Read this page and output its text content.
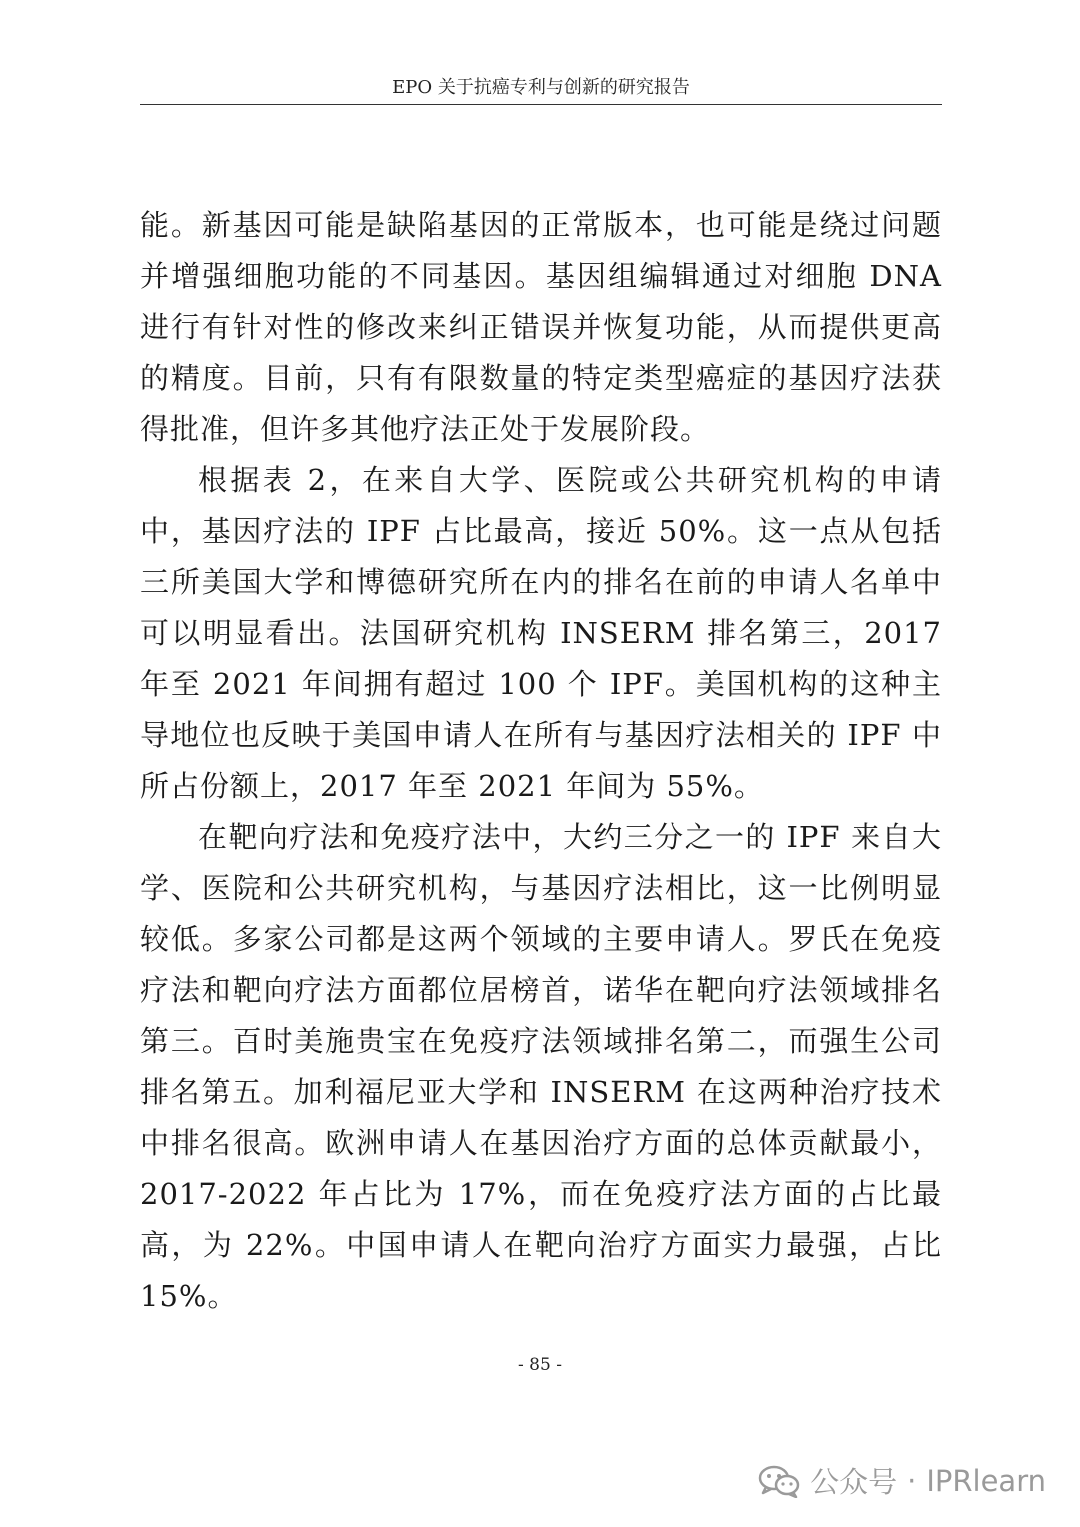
EPO 关于抗癌专利与创新的研究报告

能。新基因可能是缺陷基因的正常版本，也可能是绕过问题并增强细胞功能的不同基因。基因组编辑通过对细胞 DNA 进行有针对性的修改来纠正错误并恢复功能，从而提供更高的精度。目前，只有有限数量的特定类型癌症的基因疗法获得批准，但许多其他疗法正处于发展阶段。

根据表 2，在来自大学、医院或公共研究机构的申请中，基因疗法的 IPF 占比最高，接近 50%。这一点从包括三所美国大学和博德研究所在内的排名在前的申请人名单中可以明显看出。法国研究机构 INSERM 排名第三，2017 年至 2021 年间拥有超过 100 个 IPF。美国机构的这种主导地位也反映于美国申请人在所有与基因疗法相关的 IPF 中所占份额上，2017 年至 2021 年间为 55%。

在靶向疗法和免疫疗法中，大约三分之一的 IPF 来自大学、医院和公共研究机构，与基因疗法相比，这一比例明显较低。多家公司都是这两个领域的主要申请人。罗氏在免疫疗法和靶向疗法方面都位居榜首，诺华在靶向疗法领域排名第三。百时美施贵宝在免疫疗法领域排名第二，而强生公司排名第五。加利福尼亚大学和 INSERM 在这两种治疗技术中排名很高。欧洲申请人在基因治疗方面的总体贡献最小，2017-2022 年占比为 17%，而在免疫疗法方面的占比最高，为 22%。中国申请人在靶向治疗方面实力最强，占比 15%。

- 85 -
公众号 · IPRlearn
